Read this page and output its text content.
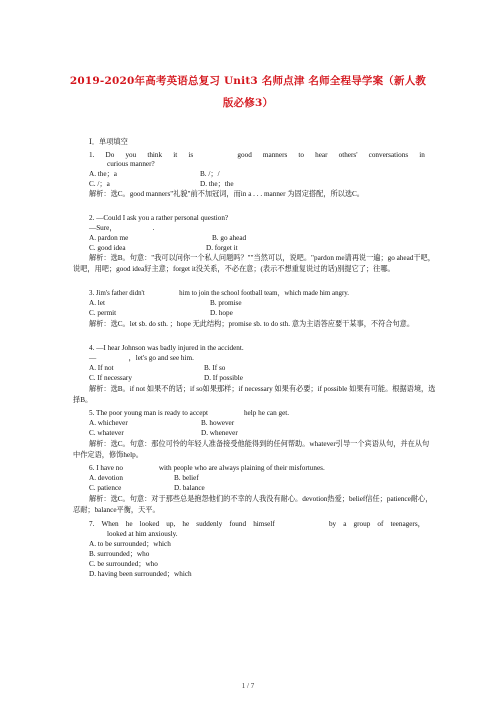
2019-2020年高考英语总复习 Unit3 名师点津 名师全程导学案（新人教
版必修3）
Ⅰ．单项填空
1. Do you think it is	good manners to hear others' conversations in
curious manner?
A. the；a	B. /；/
C. /；a	D. the；the
解析：选C。good manners"礼貌"前不加冠词，而in a . . . manner 为固定搭配，所以选C。
2. —Could I ask you a rather personal question?
—Sure，                    .
A. pardon me	B. go ahead
C. good idea	D. forget it
解析：选B。句意："我可以问你一个私人问题吗？""当然可以，说吧。"pardon me请再说一遍；go ahead干吧，说吧，用吧；good idea好主意；forget it没关系，不必在意；(表示不想重复说过的话)别提它了；往哪。
3. Jim's father didn't                    him to join the school football team，which made him angry.
A. let	B. promise
C. permit	D. hope
解析：选C。let sb. do sth. ；hope 无此结构；promise sb. to do sth. 意为主语答应要干某事，不符合句意。
4. —I hear Johnson was badly injured in the accident.
—                  ，let's go and see him.
A. If not	B. If so
C. If necessary	D. If possible
解析：选B。if not 如果不的话；if so如果那样；if necessary 如果有必要；if possible 如果有可能。根据语境，选择B。
5. The poor young man is ready to accept                    help he can get.
A. whichever	B. however
C. whatever	D. whenever
解析：选C。句意：那位可怜的年轻人准备接受他能得到的任何帮助。whatever引导一个宾语从句，并在从句中作定语，修饰help。
6. I have no                    with people who are always plaining of their misfortunes.
A. devotion	B. belief
C. patience	D. balance
解析：选C。句意：对于那些总是抱怨他们的不幸的人我没有耐心。devotion热爱；belief信任；patience耐心，忍耐；balance平衡，天平。
7. When he looked up, he suddenly found himself	by a group of teenagers，
looked at him anxiously.
A. to be surrounded；which
B. surrounded；who
C. be surrounded；who
D. having been surrounded；which
1 / 7
